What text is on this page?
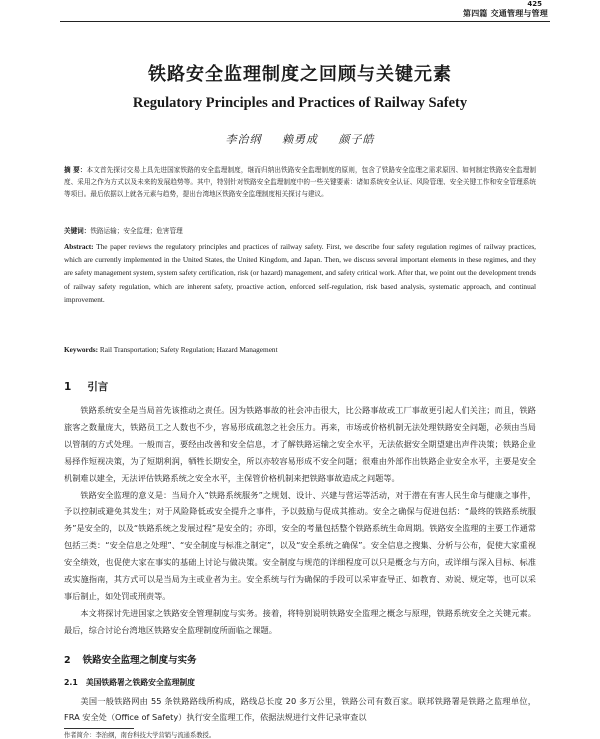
425
第四篇 交通管理与管理
铁路安全监理制度之回顾与关键元素
Regulatory Principles and Practices of Railway Safety
李治纲 赖勇成 颜子皓
摘 要：本文首先探讨交易上具先进国家铁路的安全监理制度，继而归纳出铁路安全监理制度的原则，包含了铁路安全监理之需求原因、如何制定铁路安全监理制度、采用之作为方式以及未来的发展趋势等。其中，特别针对铁路安全监理制度中的一些关键要素：诸如系统安全认证、风险管理、安全关键工作和安全管理系统等项目。最后依据以上就各元素与趋势，提出台湾地区铁路安全监理制度相关探讨与建议。
关键词：铁路运输；安全监理；危害管理
Abstract: The paper reviews the regulatory principles and practices of railway safety. First, we describe four safety regulation regimes of railway practices, which are currently implemented in the United States, the United Kingdom, and Japan. Then, we discuss several important elements in these regimes, and they are safety management system, system safety certification, risk (or hazard) management, and safety critical work. After that, we point out the development trends of railway safety regulation, which are inherent safety, proactive action, enforced self-regulation, risk based analysis, systematic approach, and continual improvement.
Keywords: Rail Transportation; Safety Regulation; Hazard Management
1 引言

铁路系统安全是当局首先该推动之责任。因为铁路事故的社会冲击很大，比公路事故或工厂事故更引起人们关注；而且，铁路旅客之数量庞大，铁路员工之人数也不少，容易形成疏忽之社会压力。再来，市场或价格机制无法处理铁路安全问题，必须由当局以管制的方式处理。一般而言，要经由改善和安全信息，才了解铁路运输之安全水平，无法依据安全期望建出声件决策；铁路企业易择作短视决策，为了短期利润，牺牲长期安全，所以亦较容易形成不安全问题；很难由外部作出铁路企业安全水平，主要是安全机制难以建全，无法评估铁路系统之安全水平，主保管价格机制来把铁路事故造成之问题等。

铁路安全监理的意义是：当局介入“铁路系统服务”之规划、设计、兴建与营运等活动，对于潜在有害人民生命与健康之事件，予以控制或避免其发生；对于风险降低或安全提升之事件，予以鼓励与促成其推动。安全之确保与促进包括：“最终的铁路系统服务”是安全的，以及“铁路系统之发展过程”是安全的；亦即，安全的考量包括整个铁路系统生命周期。铁路安全监理的主要工作通常包括三类：“安全信息之处理”、“安全制度与标准之制定”，以及“安全系统之确保”。安全信息之搜集、分析与公布，促使大家重视安全绩效，也促使大家在事实的基础上讨论与做决策。安全制度与规范的详细程度可以只是概念与方向，或详细与深入目标、标准或实施指南，其方式可以是当局为主或业者为主。安全系统与行为确保的手段可以采审查导正、如教育、劝说、规定等，也可以采事后制止，如处罚或刑责等。

本文将探讨先进国家之铁路安全管理制度与实务。接着，将特别说明铁路安全监理之概念与原理，铁路系统安全之关键元素。最后，综合讨论台湾地区铁路安全监理制度所面临之课题。

2 铁路安全监理之制度与实务
2.1 美国铁路署之铁路安全监理制度

美国一般铁路网由 55 条铁路路线所构成，路线总长度 20 多万公里，铁路公司有数百家。联邦铁路署是铁路之监理单位，FRA 安全处（Office of Safety）执行安全监理工作，依据法规进行文件记录审查以

作者简介：李治纲，南台科技大学营销与流通系教授。
